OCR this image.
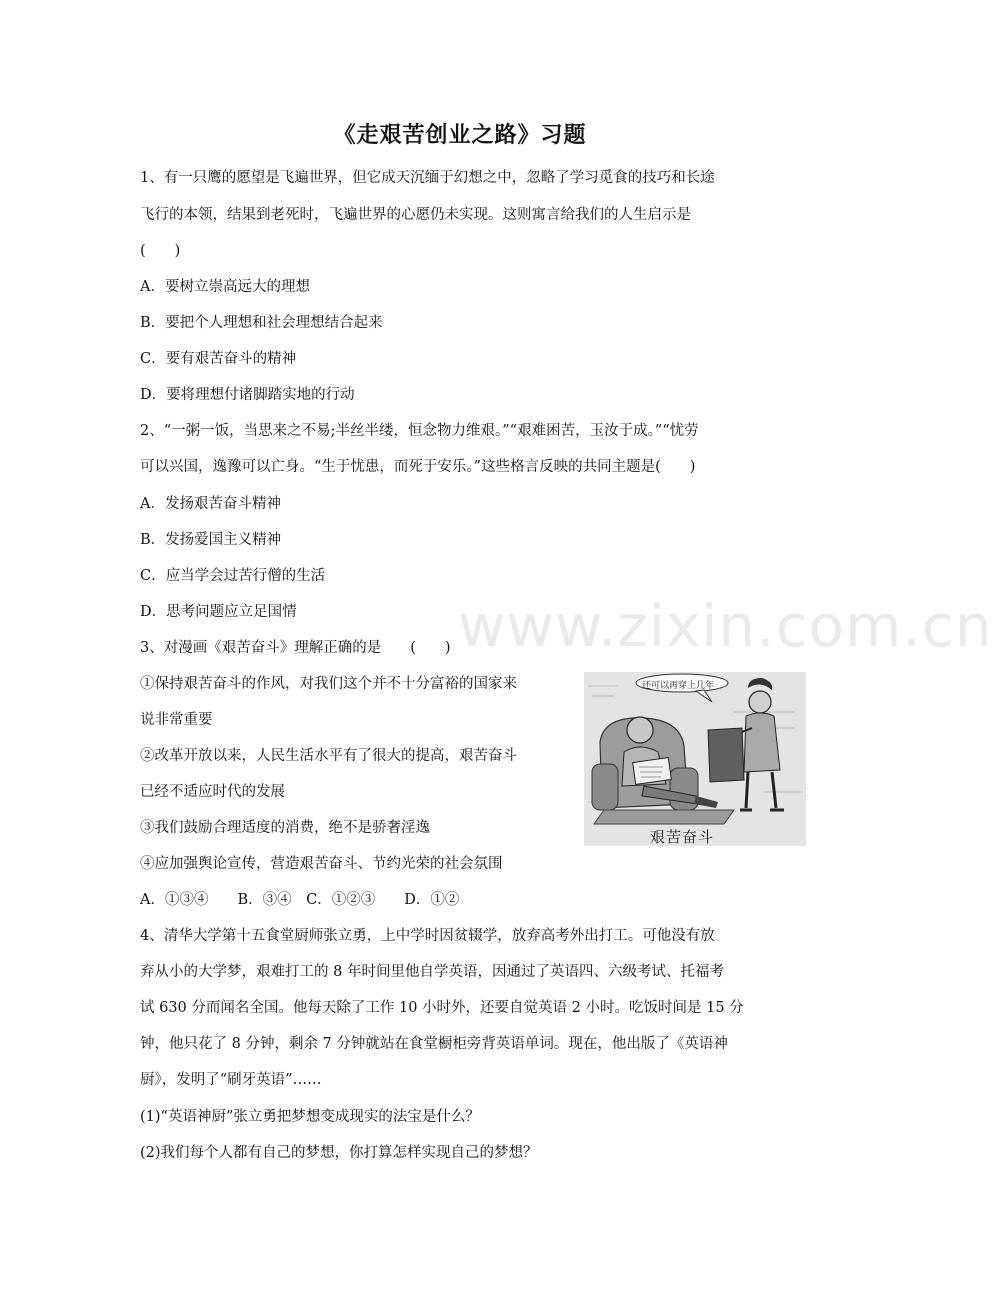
《走艰苦创业之路》习题
1、有一只鹰的愿望是飞遍世界，但它成天沉缅于幻想之中，忽略了学习觅食的技巧和长途
飞行的本领，结果到老死时，飞遍世界的心愿仍未实现。这则寓言给我们的人生启示是
(　　)
A．要树立崇高远大的理想
B．要把个人理想和社会理想结合起来
C．要有艰苦奋斗的精神
D．要将理想付诸脚踏实地的行动
2、“一粥一饭，当思来之不易;半丝半缕，恒念物力维艰。”“艰难困苦，玉汝于成。”“忧劳
可以兴国，逸豫可以亡身。“生于忧患，而死于安乐。”这些格言反映的共同主题是(　　)
A．发扬艰苦奋斗精神
B．发扬爱国主义精神
C．应当学会过苦行僧的生活
D．思考问题应立足国情
3、对漫画《艰苦奋斗》理解正确的是　　(　　)
①保持艰苦奋斗的作风，对我们这个并不十分富裕的国家来
说非常重要
②改革开放以来，人民生活水平有了很大的提高，艰苦奋斗
已经不适应时代的发展
③我们鼓励合理适度的消费，绝不是骄奢淫逸
④应加强舆论宣传，营造艰苦奋斗、节约光荣的社会氛围
A．①③④　　B．③④　C．①②③　　D．①②
还可以再穿上几年
艰苦奋斗
4、清华大学第十五食堂厨师张立勇，上中学时因贫辍学，放弃高考外出打工。可他没有放
弃从小的大学梦，艰难打工的 8 年时间里他自学英语，因通过了英语四、六级考试、托福考
试 630 分而闻名全国。他每天除了工作 10 小时外，还要自觉英语 2 小时。吃饭时间是 15 分
钟，他只花了 8 分钟，剩余 7 分钟就站在食堂橱柜旁背英语单词。现在，他出版了《英语神
厨》，发明了“刷牙英语”……
(1)“英语神厨”张立勇把梦想变成现实的法宝是什么？
(2)我们每个人都有自己的梦想，你打算怎样实现自己的梦想？
www.zixin.com.cn
